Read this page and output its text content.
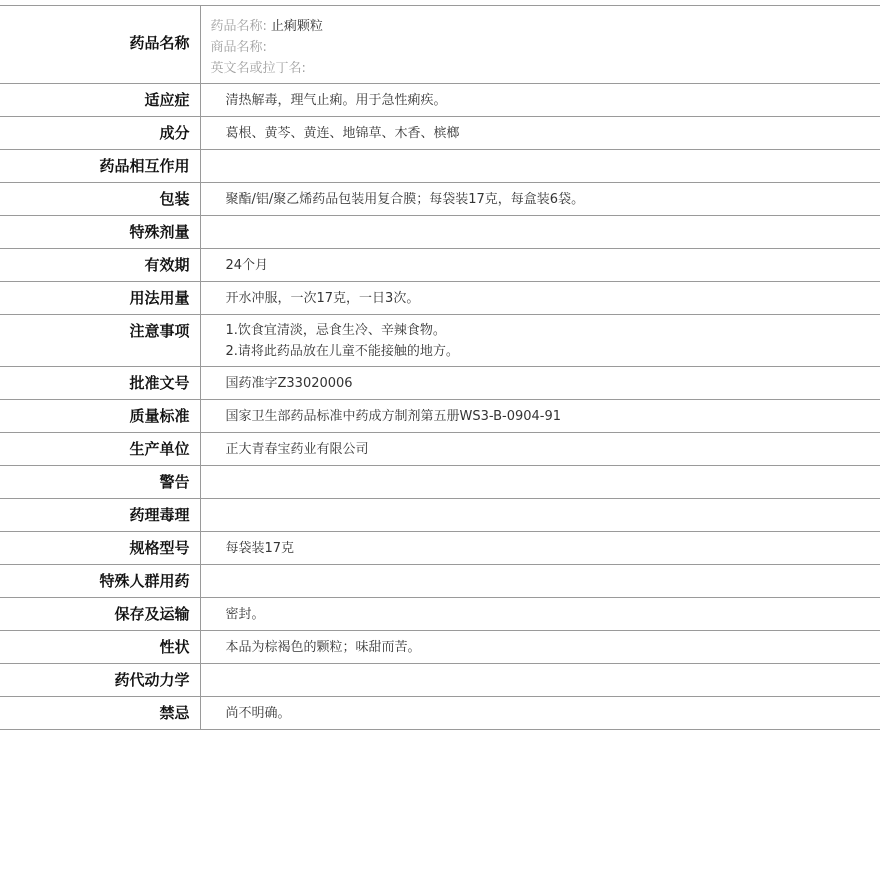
药品名称	药品名称: 止痢颗粒
商品名称:
英文名或拉丁名:

适应症	清热解毒，理气止痢。用于急性痢疾。

成分	葛根、黄芩、黄连、地锦草、木香、槟榔

药品相互作用	

包装	聚酯/铝/聚乙烯药品包装用复合膜；每袋装17克，每盒装6袋。

特殊剂量	

有效期	24个月

用法用量	开水冲服，一次17克，一日3次。

注意事项	1.饮食宜清淡，忌食生冷、辛辣食物。
2.请将此药品放在儿童不能接触的地方。

批准文号	国药准字Z33020006

质量标准	国家卫生部药品标准中药成方制剂第五册WS3-B-0904-91

生产单位	正大青春宝药业有限公司

警告	

药理毒理	

规格型号	每袋装17克

特殊人群用药	

保存及运输	密封。

性状	本品为棕褐色的颗粒；味甜而苦。

药代动力学	

禁忌	尚不明确。
